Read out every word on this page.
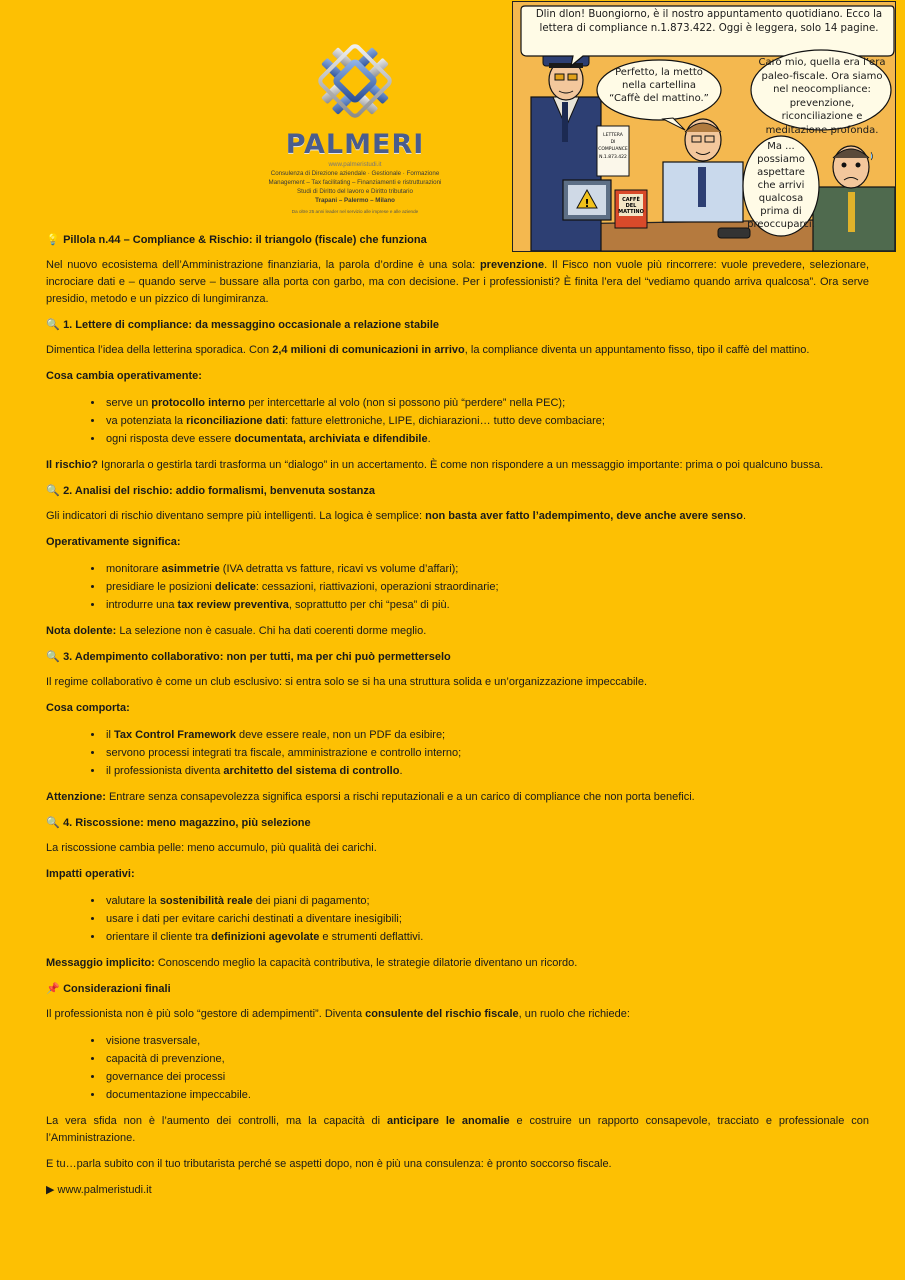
PALMERI
www.palmeristudi.it
Consulenza di Direzione aziendale · Gestionale · Formazione
Management – Tax facilitating – Finanziamenti e ristrutturazioni
Studi di Diritto del lavoro e Diritto tributario
Trapani – Palermo – Milano
Da oltre 25 anni leader nel servizio alle imprese e alle aziende
LETTERA
DI
COMPLIANCE
N.1.873.422
!	CAFFÈ
DEL
MATTINO
Dlin dlon! Buongiorno, è il nostro appuntamento quotidiano. Ecco la lettera di compliance n.1.873.422. Oggi è leggera, solo 14 pagine.
Perfetto, la metto nella cartellina “Caffè del mattino.”
Caro mio, quella era l’era paleo-fiscale. Ora siamo nel neocompliance: prevenzione, riconciliazione e meditazione profonda.
Ma ... possiamo aspettare che arrivi qualcosa prima di preoccuparci.
💡 Pillola n.44 – Compliance & Rischio: il triangolo (fiscale) che funziona

Nel nuovo ecosistema dell’Amministrazione finanziaria, la parola d’ordine è una sola: prevenzione. Il Fisco non vuole più rincorrere: vuole prevedere, selezionare, incrociare dati e – quando serve – bussare alla porta con garbo, ma con decisione. Per i professionisti? È finita l’era del “vediamo quando arriva qualcosa”. Ora serve presidio, metodo e un pizzico di lungimiranza.

🔍 1. Lettere di compliance: da messaggino occasionale a relazione stabile

Dimentica l’idea della letterina sporadica. Con 2,4 milioni di comunicazioni in arrivo, la compliance diventa un appuntamento fisso, tipo il caffè del mattino.

Cosa cambia operativamente:

• serve un protocollo interno per intercettarle al volo (non si possono più “perdere” nella PEC);
• va potenziata la riconciliazione dati: fatture elettroniche, LIPE, dichiarazioni… tutto deve combaciare;
• ogni risposta deve essere documentata, archiviata e difendibile.

Il rischio? Ignorarla o gestirla tardi trasforma un “dialogo” in un accertamento. È come non rispondere a un messaggio importante: prima o poi qualcuno bussa.

🔍 2. Analisi del rischio: addio formalismi, benvenuta sostanza

Gli indicatori di rischio diventano sempre più intelligenti. La logica è semplice: non basta aver fatto l’adempimento, deve anche avere senso.

Operativamente significa:

• monitorare asimmetrie (IVA detratta vs fatture, ricavi vs volume d’affari);
• presidiare le posizioni delicate: cessazioni, riattivazioni, operazioni straordinarie;
• introdurre una tax review preventiva, soprattutto per chi “pesa” di più.

Nota dolente: La selezione non è casuale. Chi ha dati coerenti dorme meglio.

🔍 3. Adempimento collaborativo: non per tutti, ma per chi può permetterselo

Il regime collaborativo è come un club esclusivo: si entra solo se si ha una struttura solida e un’organizzazione impeccabile.

Cosa comporta:

• il Tax Control Framework deve essere reale, non un PDF da esibire;
• servono processi integrati tra fiscale, amministrazione e controllo interno;
• il professionista diventa architetto del sistema di controllo.

Attenzione: Entrare senza consapevolezza significa esporsi a rischi reputazionali e a un carico di compliance che non porta benefici.

🔍 4. Riscossione: meno magazzino, più selezione

La riscossione cambia pelle: meno accumulo, più qualità dei carichi.

Impatti operativi:

• valutare la sostenibilità reale dei piani di pagamento;
• usare i dati per evitare carichi destinati a diventare inesigibili;
• orientare il cliente tra definizioni agevolate e strumenti deflattivi.

Messaggio implicito: Conoscendo meglio la capacità contributiva, le strategie dilatorie diventano un ricordo.

📌 Considerazioni finali

Il professionista non è più solo “gestore di adempimenti”. Diventa consulente del rischio fiscale, un ruolo che richiede:

• visione trasversale,
• capacità di prevenzione,
• governance dei processi
• documentazione impeccabile.

La vera sfida non è l’aumento dei controlli, ma la capacità di anticipare le anomalie e costruire un rapporto consapevole, tracciato e professionale con l’Amministrazione.

E tu…parla subito con il tuo tributarista perché se aspetti dopo, non è più una consulenza: è pronto soccorso fiscale.

▶ www.palmeristudi.it
